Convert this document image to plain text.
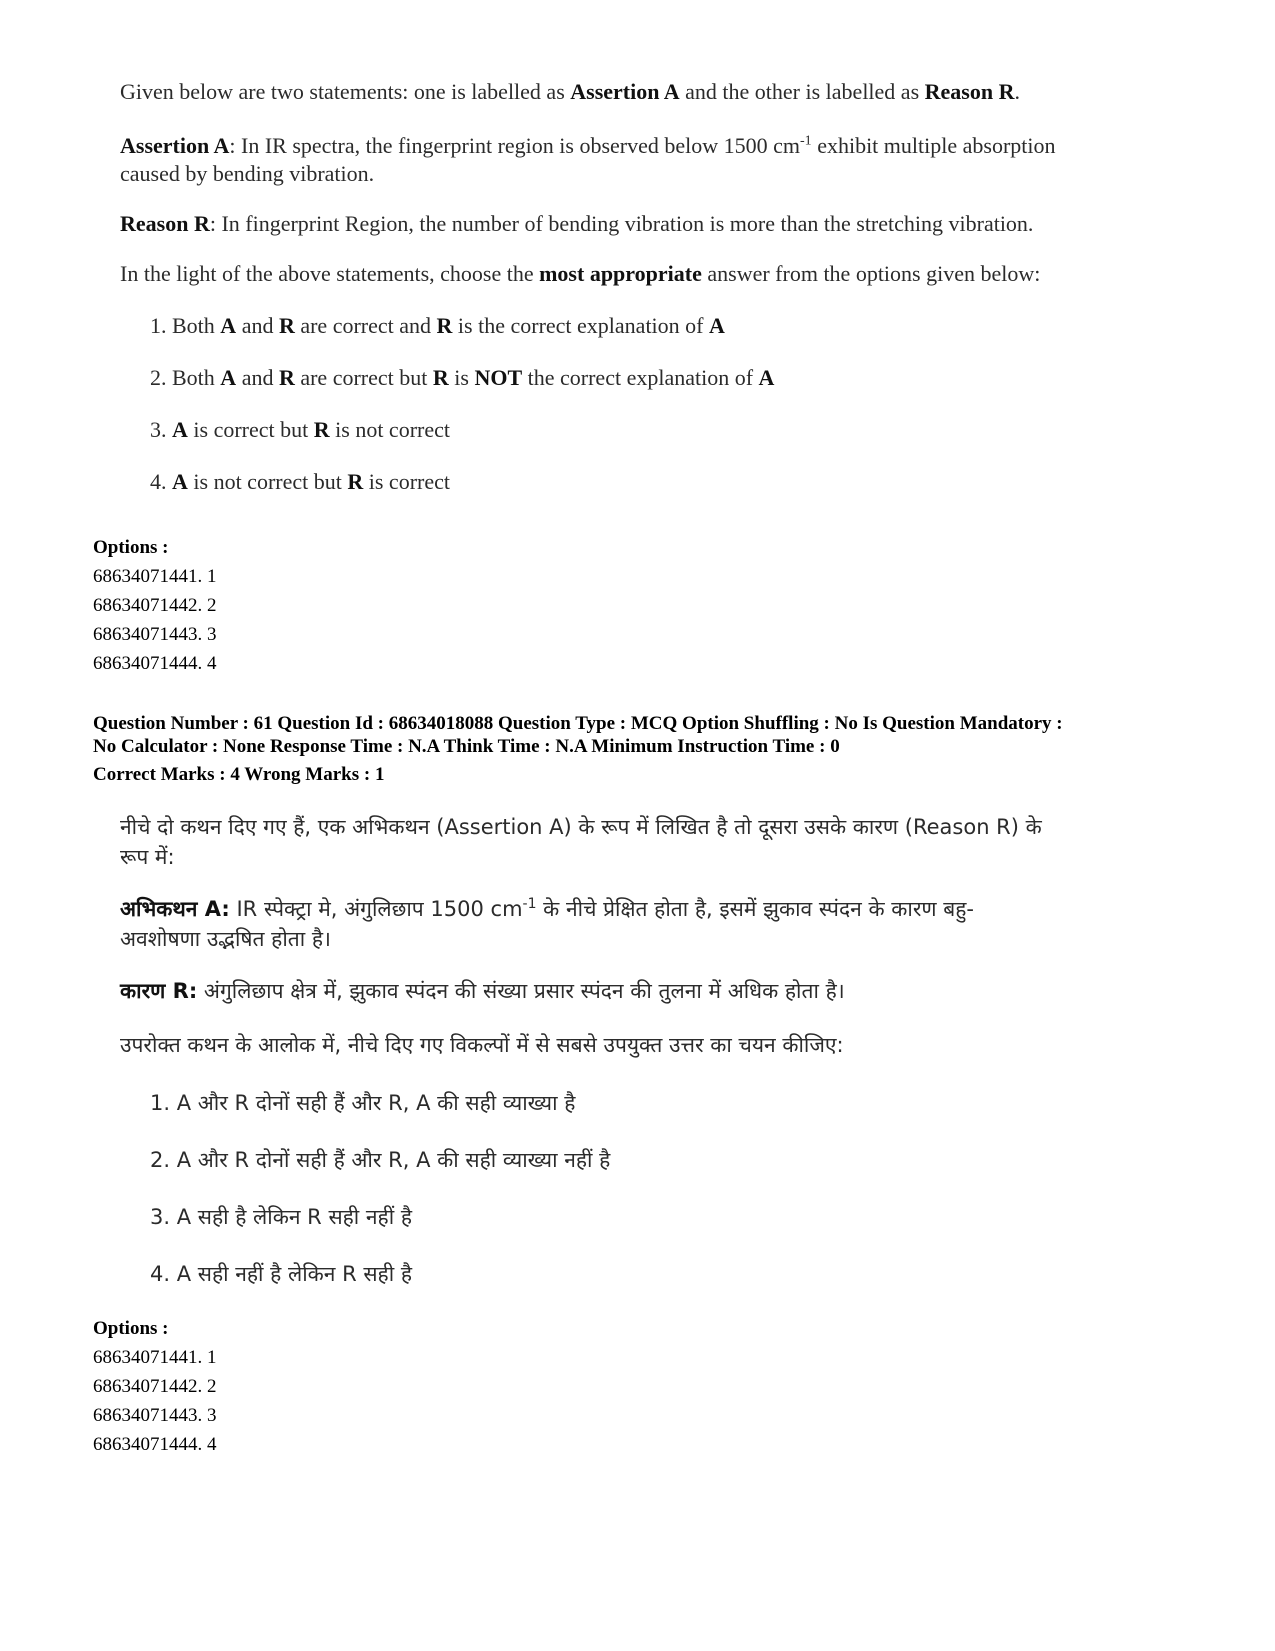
Given below are two statements: one is labelled as Assertion A and the other is labelled as Reason R.

Assertion A: In IR spectra, the fingerprint region is observed below 1500 $cm^{-1}$ exhibit multiple absorption
caused by bending vibration.

Reason R: In fingerprint Region, the number of bending vibration is more than the stretching vibration.

In the light of the above statements, choose the most appropriate answer from the options given below:

1. Both A and R are correct and R is the correct explanation of A

2. Both A and R are correct but R is NOT the correct explanation of A

3. A is correct but R is not correct

4. A is not correct but R is correct

Options :
68634071441. 1
68634071442. 2
68634071443. 3
68634071444. 4
Question Number : 61 Question Id : 68634018088 Question Type : MCQ Option Shuffling : No Is Question Mandatory :
No Calculator : None Response Time : N.A Think Time : N.A Minimum Instruction Time : 0
Correct Marks : 4 Wrong Marks : 1

नीचे दो कथन दिए गए हैं, एक अभिकथन (Assertion A) के रूप में लिखित है तो दूसरा उसके कारण (Reason R) के
रूप में:

अभिकथन A: IR स्पेक्ट्रा मे, अंगुलिछाप 1500 $cm^{-1}$ के नीचे प्रेक्षित होता है, इसमें झुकाव स्पंदन के कारण बहु-
अवशोषणा उद्भषित होता है।

कारण R: अंगुलिछाप क्षेत्र में, झुकाव स्पंदन की संख्या प्रसार स्पंदन की तुलना में अधिक होता है।

उपरोक्त कथन के आलोक में, नीचे दिए गए विकल्पों में से सबसे उपयुक्त उत्तर का चयन कीजिए:

1. A और R दोनों सही हैं और R, A की सही व्याख्या है

2. A और R दोनों सही हैं और R, A की सही व्याख्या नहीं है

3. A सही है लेकिन R सही नहीं है

4. A सही नहीं है लेकिन R सही है

Options :
68634071441. 1
68634071442. 2
68634071443. 3
68634071444. 4
